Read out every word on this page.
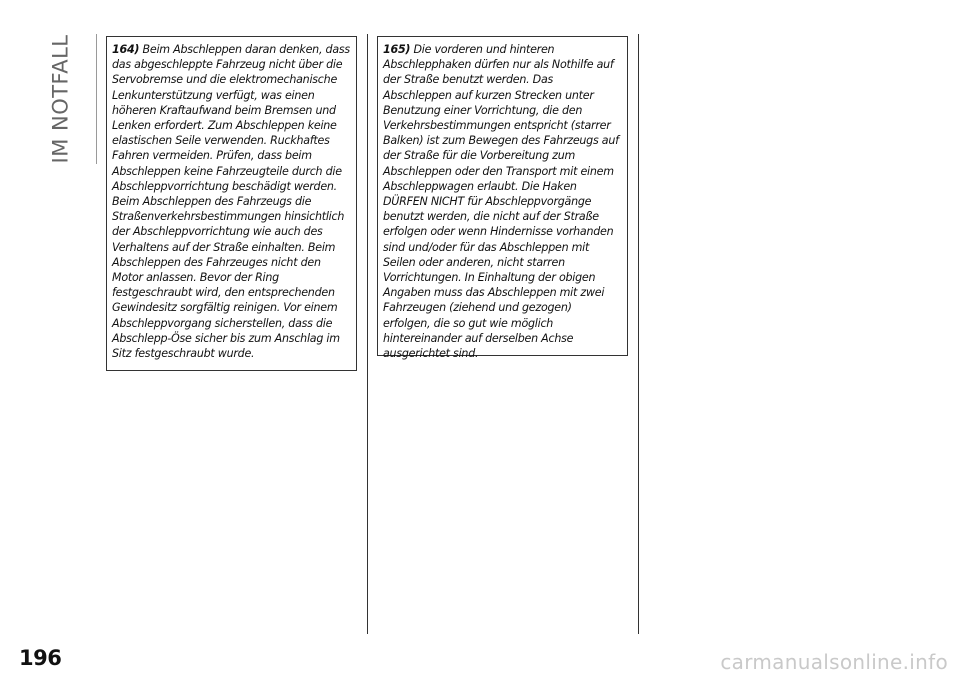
IM NOTFALL	164) Beim Abschleppen daran denken, dass das abgeschleppte Fahrzeug nicht über die Servobremse und die elektromechanische Lenkunterstützung verfügt, was einen höheren Kraftaufwand beim Bremsen und Lenken erfordert. Zum Abschleppen keine elastischen Seile verwenden. Ruckhaftes Fahren vermeiden. Prüfen, dass beim Abschleppen keine Fahrzeugteile durch die Abschleppvorrichtung beschädigt werden. Beim Abschleppen des Fahrzeugs die Straßenverkehrsbestimmungen hinsichtlich der Abschleppvorrichtung wie auch des Verhaltens auf der Straße einhalten. Beim Abschleppen des Fahrzeuges nicht den Motor anlassen. Bevor der Ring festgeschraubt wird, den entsprechenden Gewindesitz sorgfältig reinigen. Vor einem Abschleppvorgang sicherstellen, dass die Abschlepp-Öse sicher bis zum Anschlag im Sitz festgeschraubt wurde.
165) Die vorderen und hinteren Abschlepphaken dürfen nur als Nothilfe auf der Straße benutzt werden. Das Abschleppen auf kurzen Strecken unter Benutzung einer Vorrichtung, die den Verkehrsbestimmungen entspricht (starrer Balken) ist zum Bewegen des Fahrzeugs auf der Straße für die Vorbereitung zum Abschleppen oder den Transport mit einem Abschleppwagen erlaubt. Die Haken DÜRFEN NICHT für Abschleppvorgänge benutzt werden, die nicht auf der Straße erfolgen oder wenn Hindernisse vorhanden sind und/oder für das Abschleppen mit Seilen oder anderen, nicht starren Vorrichtungen. In Einhaltung der obigen Angaben muss das Abschleppen mit zwei Fahrzeugen (ziehend und gezogen) erfolgen, die so gut wie möglich hintereinander auf derselben Achse ausgerichtet sind.
196	carmanualsonline.info
